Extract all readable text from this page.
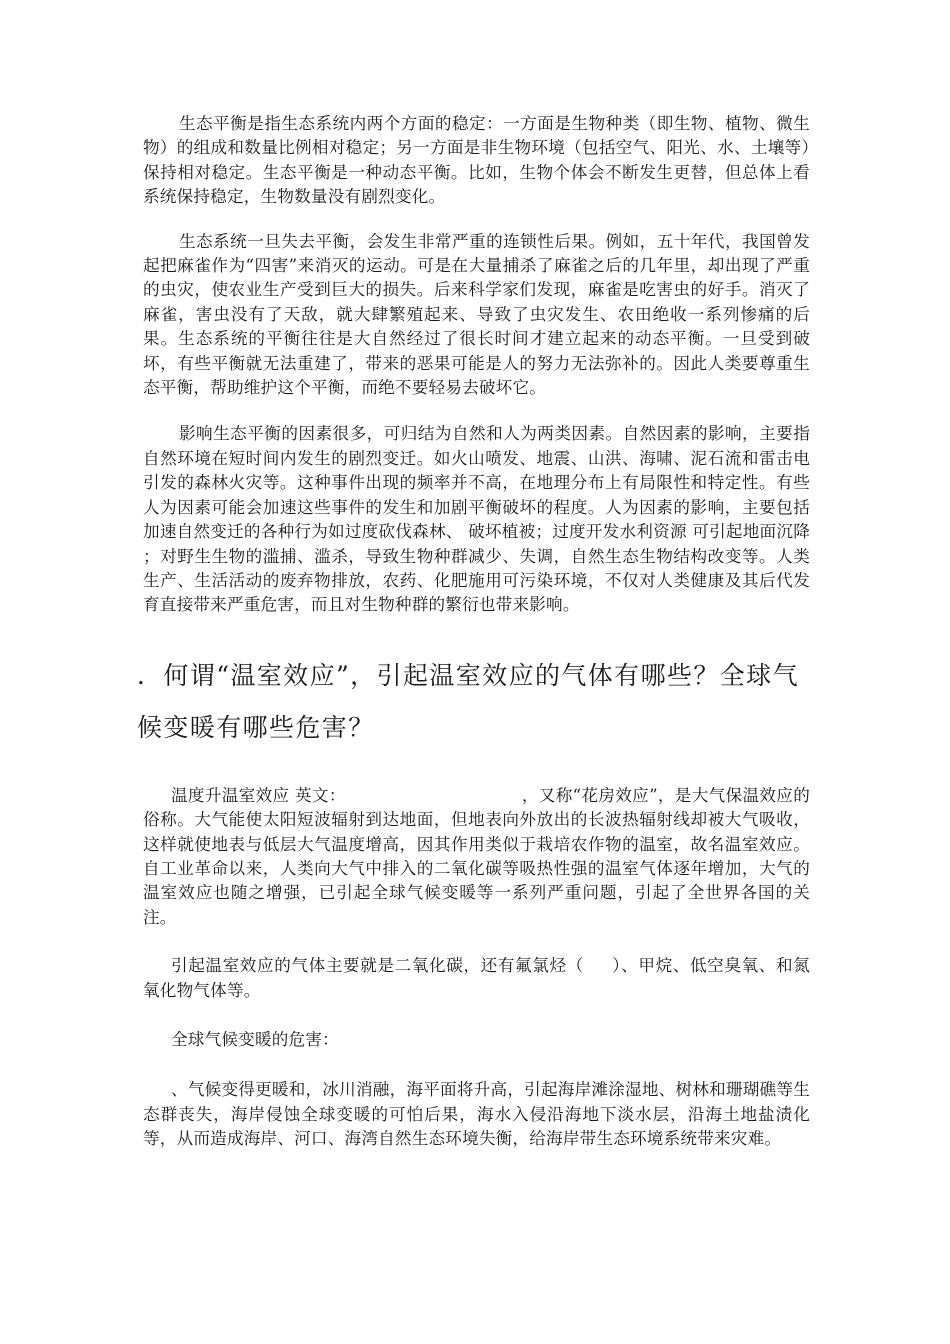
生态平衡是指生态系统内两个方面的稳定：一方面是生物种类（即生物、植物、微生物）的组成和数量比例相对稳定；另一方面是非生物环境（包括空气、阳光、水、土壤等）保持相对稳定。生态平衡是一种动态平衡。比如，生物个体会不断发生更替，但总体上看系统保持稳定，生物数量没有剧烈变化。

生态系统一旦失去平衡，会发生非常严重的连锁性后果。例如，五十年代，我国曾发起把麻雀作为“四害”来消灭的运动。可是在大量捕杀了麻雀之后的几年里，却出现了严重的虫灾，使农业生产受到巨大的损失。后来科学家们发现，麻雀是吃害虫的好手。消灭了麻雀，害虫没有了天敌，就大肆繁殖起来、导致了虫灾发生、农田绝收一系列惨痛的后果。生态系统的平衡往往是大自然经过了很长时间才建立起来的动态平衡。一旦受到破坏，有些平衡就无法重建了，带来的恶果可能是人的努力无法弥补的。因此人类要尊重生态平衡，帮助维护这个平衡，而绝不要轻易去破坏它。

影响生态平衡的因素很多，可归结为自然和人为两类因素。自然因素的影响，主要指自然环境在短时间内发生的剧烈变迁。如火山喷发、地震、山洪、海啸、泥石流和雷击电引发的森林火灾等。这种事件出现的频率并不高，在地理分布上有局限性和特定性。有些人为因素可能会加速这些事件的发生和加剧平衡破坏的程度。人为因素的影响，主要包括加速自然变迁的各种行为如过度砍伐森林、 破坏植被；过度开发水利资源 可引起地面沉降 ；对野生生物的滥捕、滥杀，导致生物种群减少、失调，自然生态生物结构改变等。人类生产、生活活动的废弃物排放，农药、化肥施用可污染环境，不仅对人类健康及其后代发育直接带来严重危害，而且对生物种群的繁衍也带来影响。

．何谓“温室效应”，引起温室效应的气体有哪些？全球气候变暖有哪些危害？

温度升温室效应 英文：	，又称“花房效应”，是大气保温效应的俗称。大气能使太阳短波辐射到达地面，但地表向外放出的长波热辐射线却被大气吸收，这样就使地表与低层大气温度增高，因其作用类似于栽培农作物的温室，故名温室效应。自工业革命以来，人类向大气中排入的二氧化碳等吸热性强的温室气体逐年增加，大气的温室效应也随之增强，已引起全球气候变暖等一系列严重问题，引起了全世界各国的关注。

引起温室效应的气体主要就是二氧化碳，还有氟氯烃（ ）、甲烷、低空臭氧、和氮氧化物气体等。

全球气候变暖的危害：

、气候变得更暖和，冰川消融，海平面将升高，引起海岸滩涂湿地、树林和珊瑚礁等生态群丧失，海岸侵蚀全球变暖的可怕后果，海水入侵沿海地下淡水层，沿海土地盐渍化等，从而造成海岸、河口、海湾自然生态环境失衡，给海岸带生态环境系统带来灾难。
